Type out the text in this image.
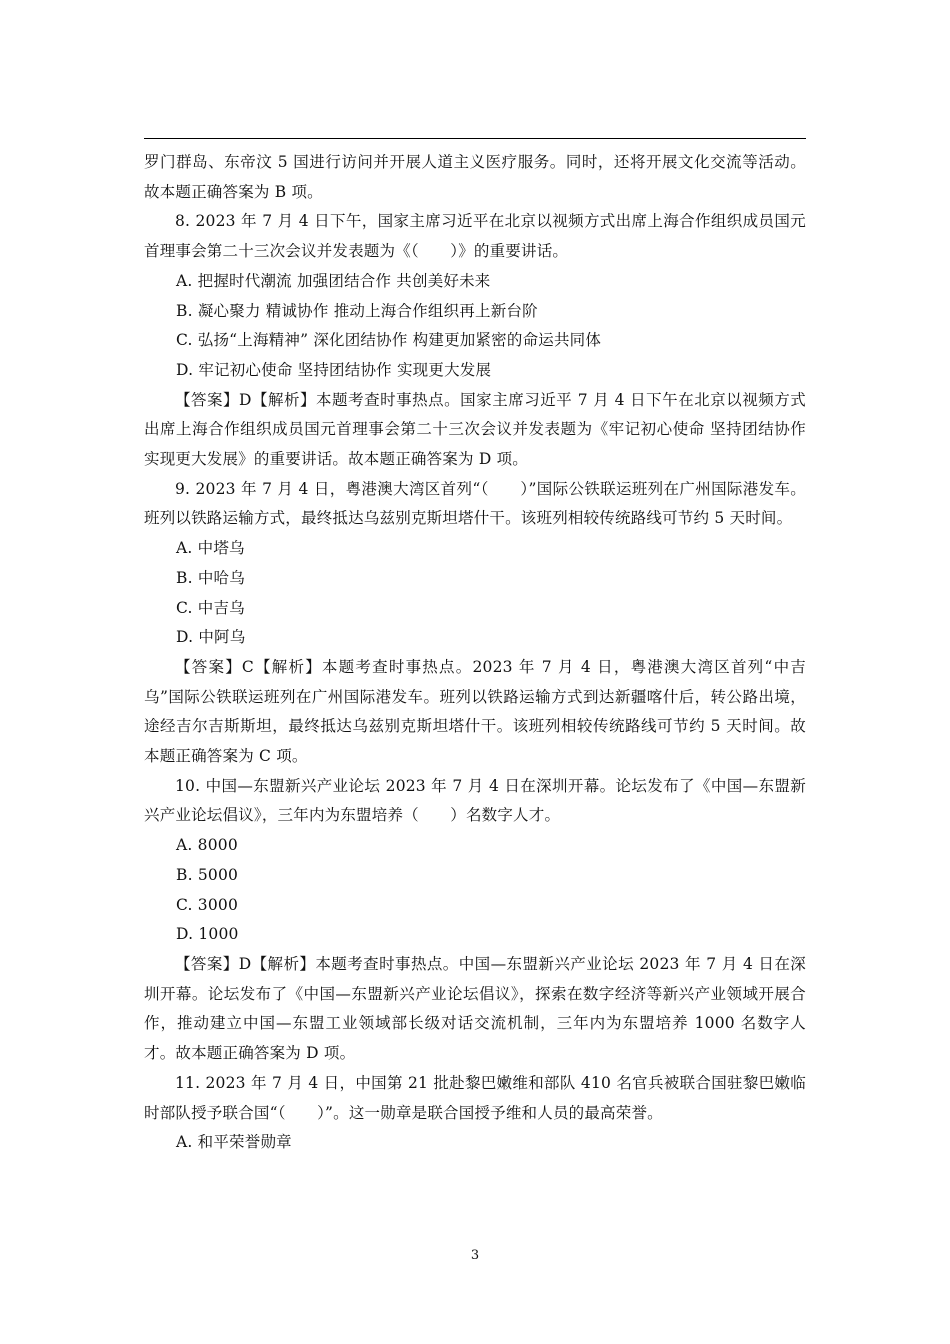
罗门群岛、东帝汶 5 国进行访问并开展人道主义医疗服务。同时，还将开展文化交流等活动。故本题正确答案为 B 项。

8. 2023 年 7 月 4 日下午，国家主席习近平在北京以视频方式出席上海合作组织成员国元首理事会第二十三次会议并发表题为《（　　）》的重要讲话。

A. 把握时代潮流 加强团结合作 共创美好未来

B. 凝心聚力 精诚协作 推动上海合作组织再上新台阶

C. 弘扬“上海精神” 深化团结协作 构建更加紧密的命运共同体

D. 牢记初心使命 坚持团结协作 实现更大发展

【答案】D【解析】本题考查时事热点。国家主席习近平 7 月 4 日下午在北京以视频方式出席上海合作组织成员国元首理事会第二十三次会议并发表题为《牢记初心使命 坚持团结协作 实现更大发展》的重要讲话。故本题正确答案为 D 项。

9. 2023 年 7 月 4 日，粤港澳大湾区首列“（　　）”国际公铁联运班列在广州国际港发车。班列以铁路运输方式，最终抵达乌兹别克斯坦塔什干。该班列相较传统路线可节约 5 天时间。

A. 中塔乌

B. 中哈乌

C. 中吉乌

D. 中阿乌

【答案】C【解析】本题考查时事热点。2023 年 7 月 4 日，粤港澳大湾区首列“中吉乌”国际公铁联运班列在广州国际港发车。班列以铁路运输方式到达新疆喀什后，转公路出境，途经吉尔吉斯斯坦，最终抵达乌兹别克斯坦塔什干。该班列相较传统路线可节约 5 天时间。故本题正确答案为 C 项。

10. 中国—东盟新兴产业论坛 2023 年 7 月 4 日在深圳开幕。论坛发布了《中国—东盟新兴产业论坛倡议》，三年内为东盟培养（　　）名数字人才。

A. 8000

B. 5000

C. 3000

D. 1000

【答案】D【解析】本题考查时事热点。中国—东盟新兴产业论坛 2023 年 7 月 4 日在深圳开幕。论坛发布了《中国—东盟新兴产业论坛倡议》，探索在数字经济等新兴产业领域开展合作，推动建立中国—东盟工业领域部长级对话交流机制，三年内为东盟培养 1000 名数字人才。故本题正确答案为 D 项。

11. 2023 年 7 月 4 日，中国第 21 批赴黎巴嫩维和部队 410 名官兵被联合国驻黎巴嫩临时部队授予联合国“（　　）”。这一勋章是联合国授予维和人员的最高荣誉。

A. 和平荣誉勋章

3
